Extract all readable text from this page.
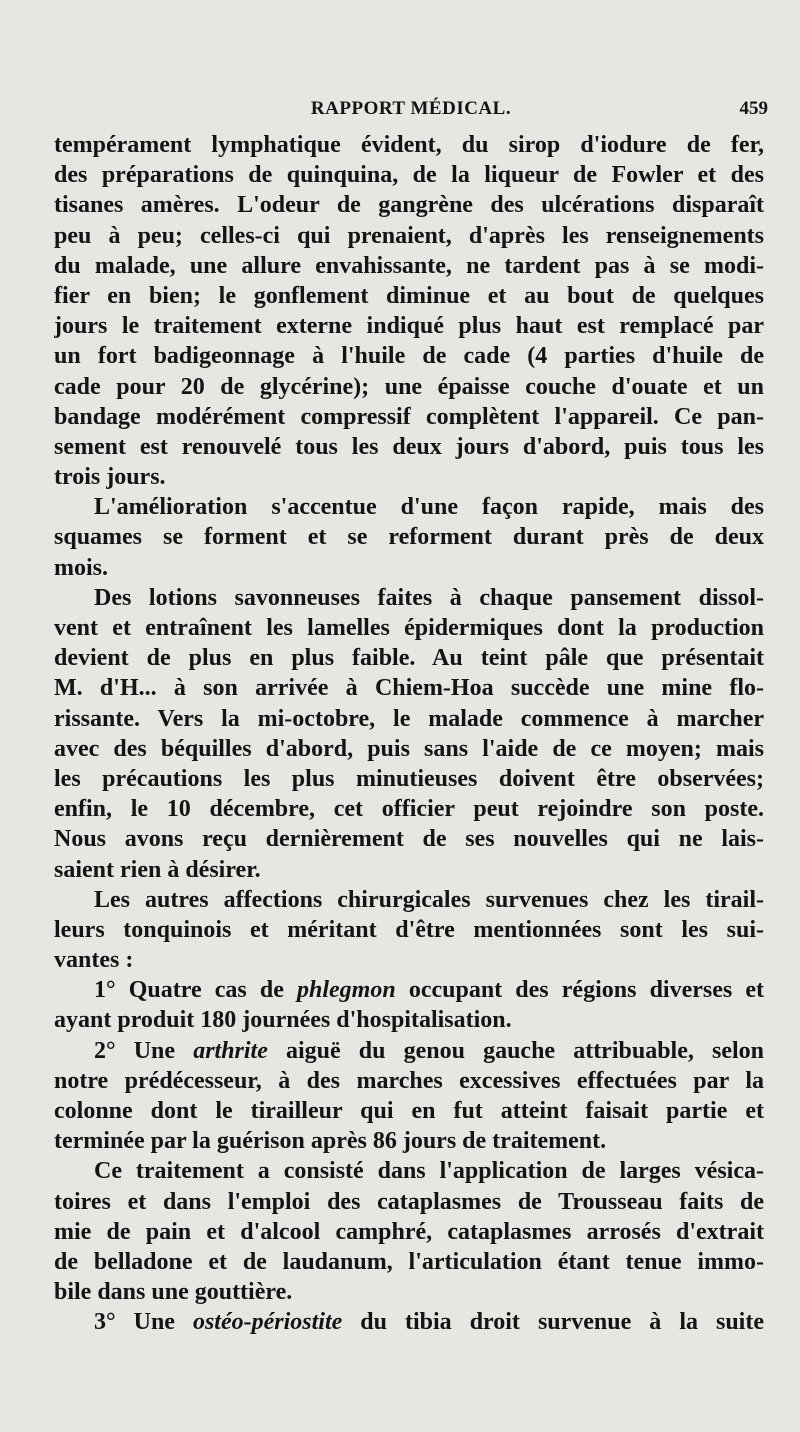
RAPPORT MÉDICAL.	459
tempérament lymphatique évident, du sirop d'iodure de fer,
des préparations de quinquina, de la liqueur de Fowler et des
tisanes amères. L'odeur de gangrène des ulcérations disparaît
peu à peu; celles-ci qui prenaient, d'après les renseignements
du malade, une allure envahissante, ne tardent pas à se modi-
fier en bien; le gonflement diminue et au bout de quelques
jours le traitement externe indiqué plus haut est remplacé par
un fort badigeonnage à l'huile de cade (4 parties d'huile de
cade pour 20 de glycérine); une épaisse couche d'ouate et un
bandage modérément compressif complètent l'appareil. Ce pan-
sement est renouvelé tous les deux jours d'abord, puis tous les
trois jours.
L'amélioration s'accentue d'une façon rapide, mais des
squames se forment et se reforment durant près de deux
mois.
Des lotions savonneuses faites à chaque pansement dissol-
vent et entraînent les lamelles épidermiques dont la production
devient de plus en plus faible. Au teint pâle que présentait
M. d'H... à son arrivée à Chiem-Hoa succède une mine flo-
rissante. Vers la mi-octobre, le malade commence à marcher
avec des béquilles d'abord, puis sans l'aide de ce moyen; mais
les précautions les plus minutieuses doivent être observées;
enfin, le 10 décembre, cet officier peut rejoindre son poste.
Nous avons reçu dernièrement de ses nouvelles qui ne lais-
saient rien à désirer.
Les autres affections chirurgicales survenues chez les tirail-
leurs tonquinois et méritant d'être mentionnées sont les sui-
vantes :
1° Quatre cas de phlegmon occupant des régions diverses et
ayant produit 180 journées d'hospitalisation.
2° Une arthrite aiguë du genou gauche attribuable, selon
notre prédécesseur, à des marches excessives effectuées par la
colonne dont le tirailleur qui en fut atteint faisait partie et
terminée par la guérison après 86 jours de traitement.
Ce traitement a consisté dans l'application de larges vésica-
toires et dans l'emploi des cataplasmes de Trousseau faits de
mie de pain et d'alcool camphré, cataplasmes arrosés d'extrait
de belladone et de laudanum, l'articulation étant tenue immo-
bile dans une gouttière.
3° Une ostéo-périostite du tibia droit survenue à la suite
